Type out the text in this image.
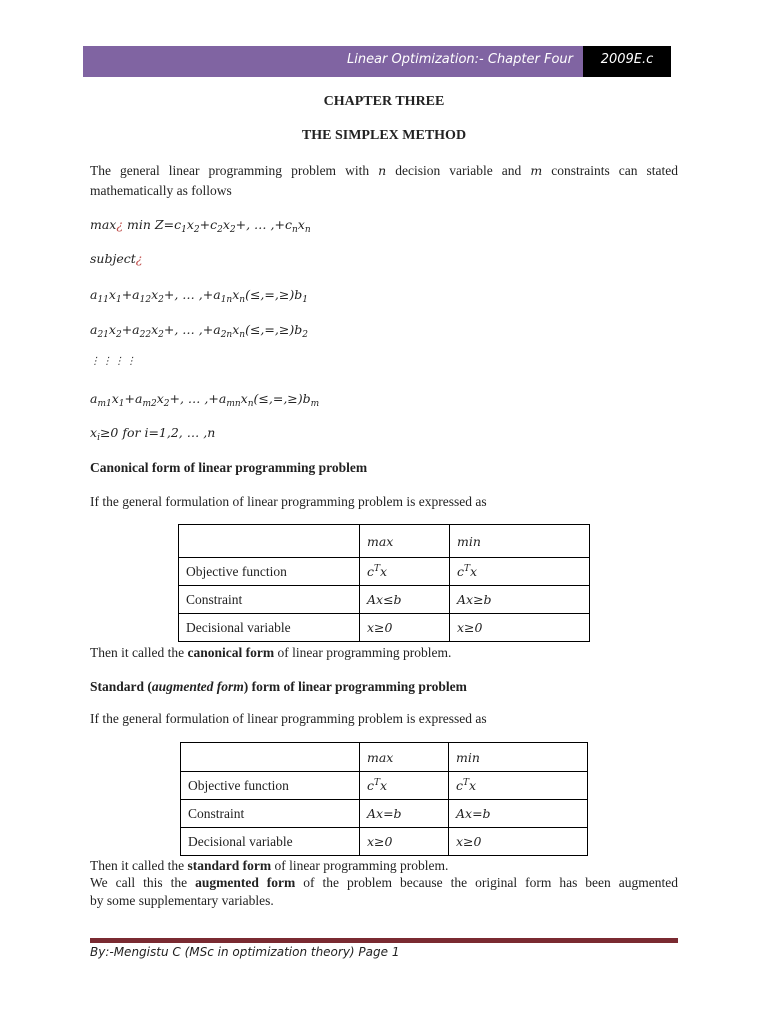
Linear Optimization:- Chapter Four	2009E.c
CHAPTER THREE
THE SIMPLEX METHOD
The general linear programming problem with n decision variable and m constraints can stated
mathematically as follows
max¿ $\min Z=c_1x_2+c_2x_2+$, … $,+c_nx_n$
subject¿
$a_{11}x_1+a_{12}x_2+$, … $,+a_{1n}x_n(\le,=,\ge)b_1$
$a_{21}x_2+a_{22}x_2+$, … $,+a_{2n}x_n(\le,=,\ge)b_2$
⋮⋮⋮⋮
$a_{m1}x_1+a_{m2}x_2+$, … $,+a_{mn}x_n(\le,=,\ge)b_m$
$x_i\ge 0$ for i=1,2, … ,n
Canonical form of linear programming problem
If the general formulation of linear programming problem is expressed as
	max	min
Objective function	$c^Tx$	$c^Tx$
Constraint	Ax≤b	Ax≥b
Decisional variable	x≥0	x≥0
Then it called the canonical form of linear programming problem.
Standard (augmented form) form of linear programming problem
If the general formulation of linear programming problem is expressed as
	max	min
Objective function	$c^Tx$	$c^Tx$
Constraint	Ax=b	Ax=b
Decisional variable	x≥0	x≥0
Then it called the standard form of linear programming problem.
We call this the augmented form of the problem because the original form has been augmented
by some supplementary variables.
By:-Mengistu C (MSc in optimization theory) Page 1
